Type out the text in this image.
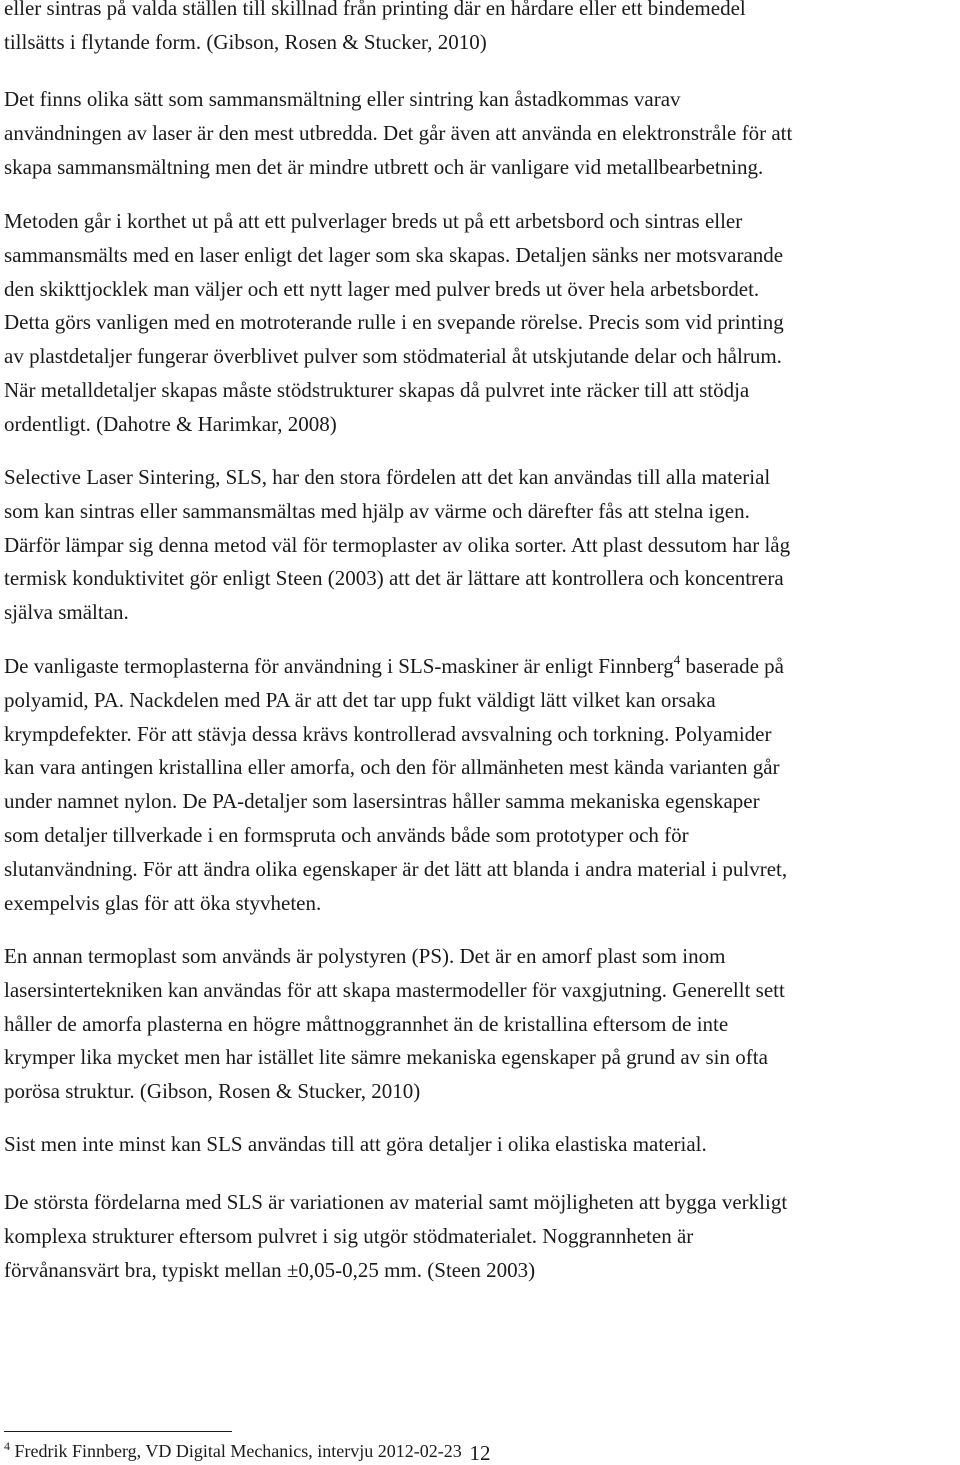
eller sintras på valda ställen till skillnad från printing där en hårdare eller ett bindemedel
tillsätts i flytande form. (Gibson, Rosen & Stucker, 2010)

Det finns olika sätt som sammansmältning eller sintring kan åstadkommas varav
användningen av laser är den mest utbredda. Det går även att använda en elektronstråle för att
skapa sammansmältning men det är mindre utbrett och är vanligare vid metallbearbetning.

Metoden går i korthet ut på att ett pulverlager breds ut på ett arbetsbord och sintras eller
sammansmälts med en laser enligt det lager som ska skapas. Detaljen sänks ner motsvarande
den skikttjocklek man väljer och ett nytt lager med pulver breds ut över hela arbetsbordet.
Detta görs vanligen med en motroterande rulle i en svepande rörelse. Precis som vid printing
av plastdetaljer fungerar överblivet pulver som stödmaterial åt utskjutande delar och hålrum.
När metalldetaljer skapas måste stödstrukturer skapas då pulvret inte räcker till att stödja
ordentligt. (Dahotre & Harimkar, 2008)

Selective Laser Sintering, SLS, har den stora fördelen att det kan användas till alla material
som kan sintras eller sammansmältas med hjälp av värme och därefter fås att stelna igen.
Därför lämpar sig denna metod väl för termoplaster av olika sorter. Att plast dessutom har låg
termisk konduktivitet gör enligt Steen (2003) att det är lättare att kontrollera och koncentrera
själva smältan.

De vanligaste termoplasterna för användning i SLS-maskiner är enligt Finnberg$^4$ baserade på
polyamid, PA. Nackdelen med PA är att det tar upp fukt väldigt lätt vilket kan orsaka
krympdefekter. För att stävja dessa krävs kontrollerad avsvalning och torkning. Polyamider
kan vara antingen kristallina eller amorfa, och den för allmänheten mest kända varianten går
under namnet nylon. De PA-detaljer som lasersintras håller samma mekaniska egenskaper
som detaljer tillverkade i en formspruta och används både som prototyper och för
slutanvändning. För att ändra olika egenskaper är det lätt att blanda i andra material i pulvret,
exempelvis glas för att öka styvheten.

En annan termoplast som används är polystyren (PS). Det är en amorf plast som inom
lasersintertekniken kan användas för att skapa mastermodeller för vaxgjutning. Generellt sett
håller de amorfa plasterna en högre måttnoggrannhet än de kristallina eftersom de inte
krymper lika mycket men har istället lite sämre mekaniska egenskaper på grund av sin ofta
porösa struktur. (Gibson, Rosen & Stucker, 2010)

Sist men inte minst kan SLS användas till att göra detaljer i olika elastiska material.

De största fördelarna med SLS är variationen av material samt möjligheten att bygga verkligt
komplexa strukturer eftersom pulvret i sig utgör stödmaterialet. Noggrannheten är
förvånansvärt bra, typiskt mellan ±0,05-0,25 mm. (Steen 2003)

$^4$ Fredrik Finnberg, VD Digital Mechanics, intervju 2012-02-23 12
